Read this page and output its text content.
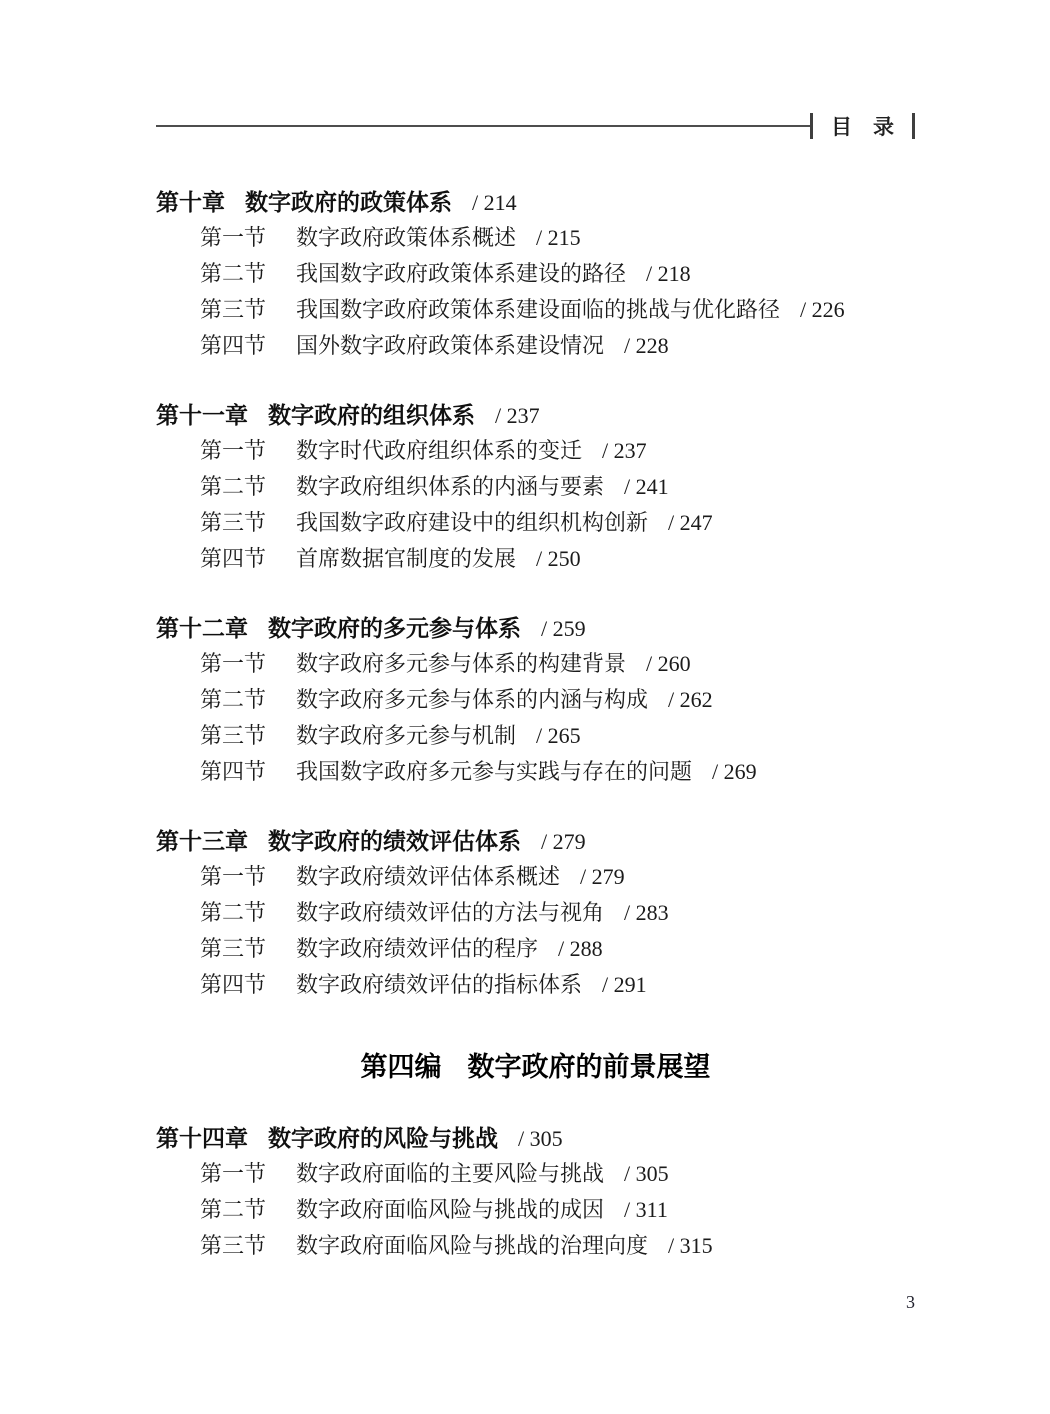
目　录
第十章 数字政府的政策体系 / 214
第一节 数字政府政策体系概述 / 215
第二节 我国数字政府政策体系建设的路径 / 218
第三节 我国数字政府政策体系建设面临的挑战与优化路径 / 226
第四节 国外数字政府政策体系建设情况 / 228
第十一章 数字政府的组织体系 / 237
第一节 数字时代政府组织体系的变迁 / 237
第二节 数字政府组织体系的内涵与要素 / 241
第三节 我国数字政府建设中的组织机构创新 / 247
第四节 首席数据官制度的发展 / 250
第十二章 数字政府的多元参与体系 / 259
第一节 数字政府多元参与体系的构建背景 / 260
第二节 数字政府多元参与体系的内涵与构成 / 262
第三节 数字政府多元参与机制 / 265
第四节 我国数字政府多元参与实践与存在的问题 / 269
第十三章 数字政府的绩效评估体系 / 279
第一节 数字政府绩效评估体系概述 / 279
第二节 数字政府绩效评估的方法与视角 / 283
第三节 数字政府绩效评估的程序 / 288
第四节 数字政府绩效评估的指标体系 / 291
第四编 数字政府的前景展望
第十四章 数字政府的风险与挑战 / 305
第一节 数字政府面临的主要风险与挑战 / 305
第二节 数字政府面临风险与挑战的成因 / 311
第三节 数字政府面临风险与挑战的治理向度 / 315
3
